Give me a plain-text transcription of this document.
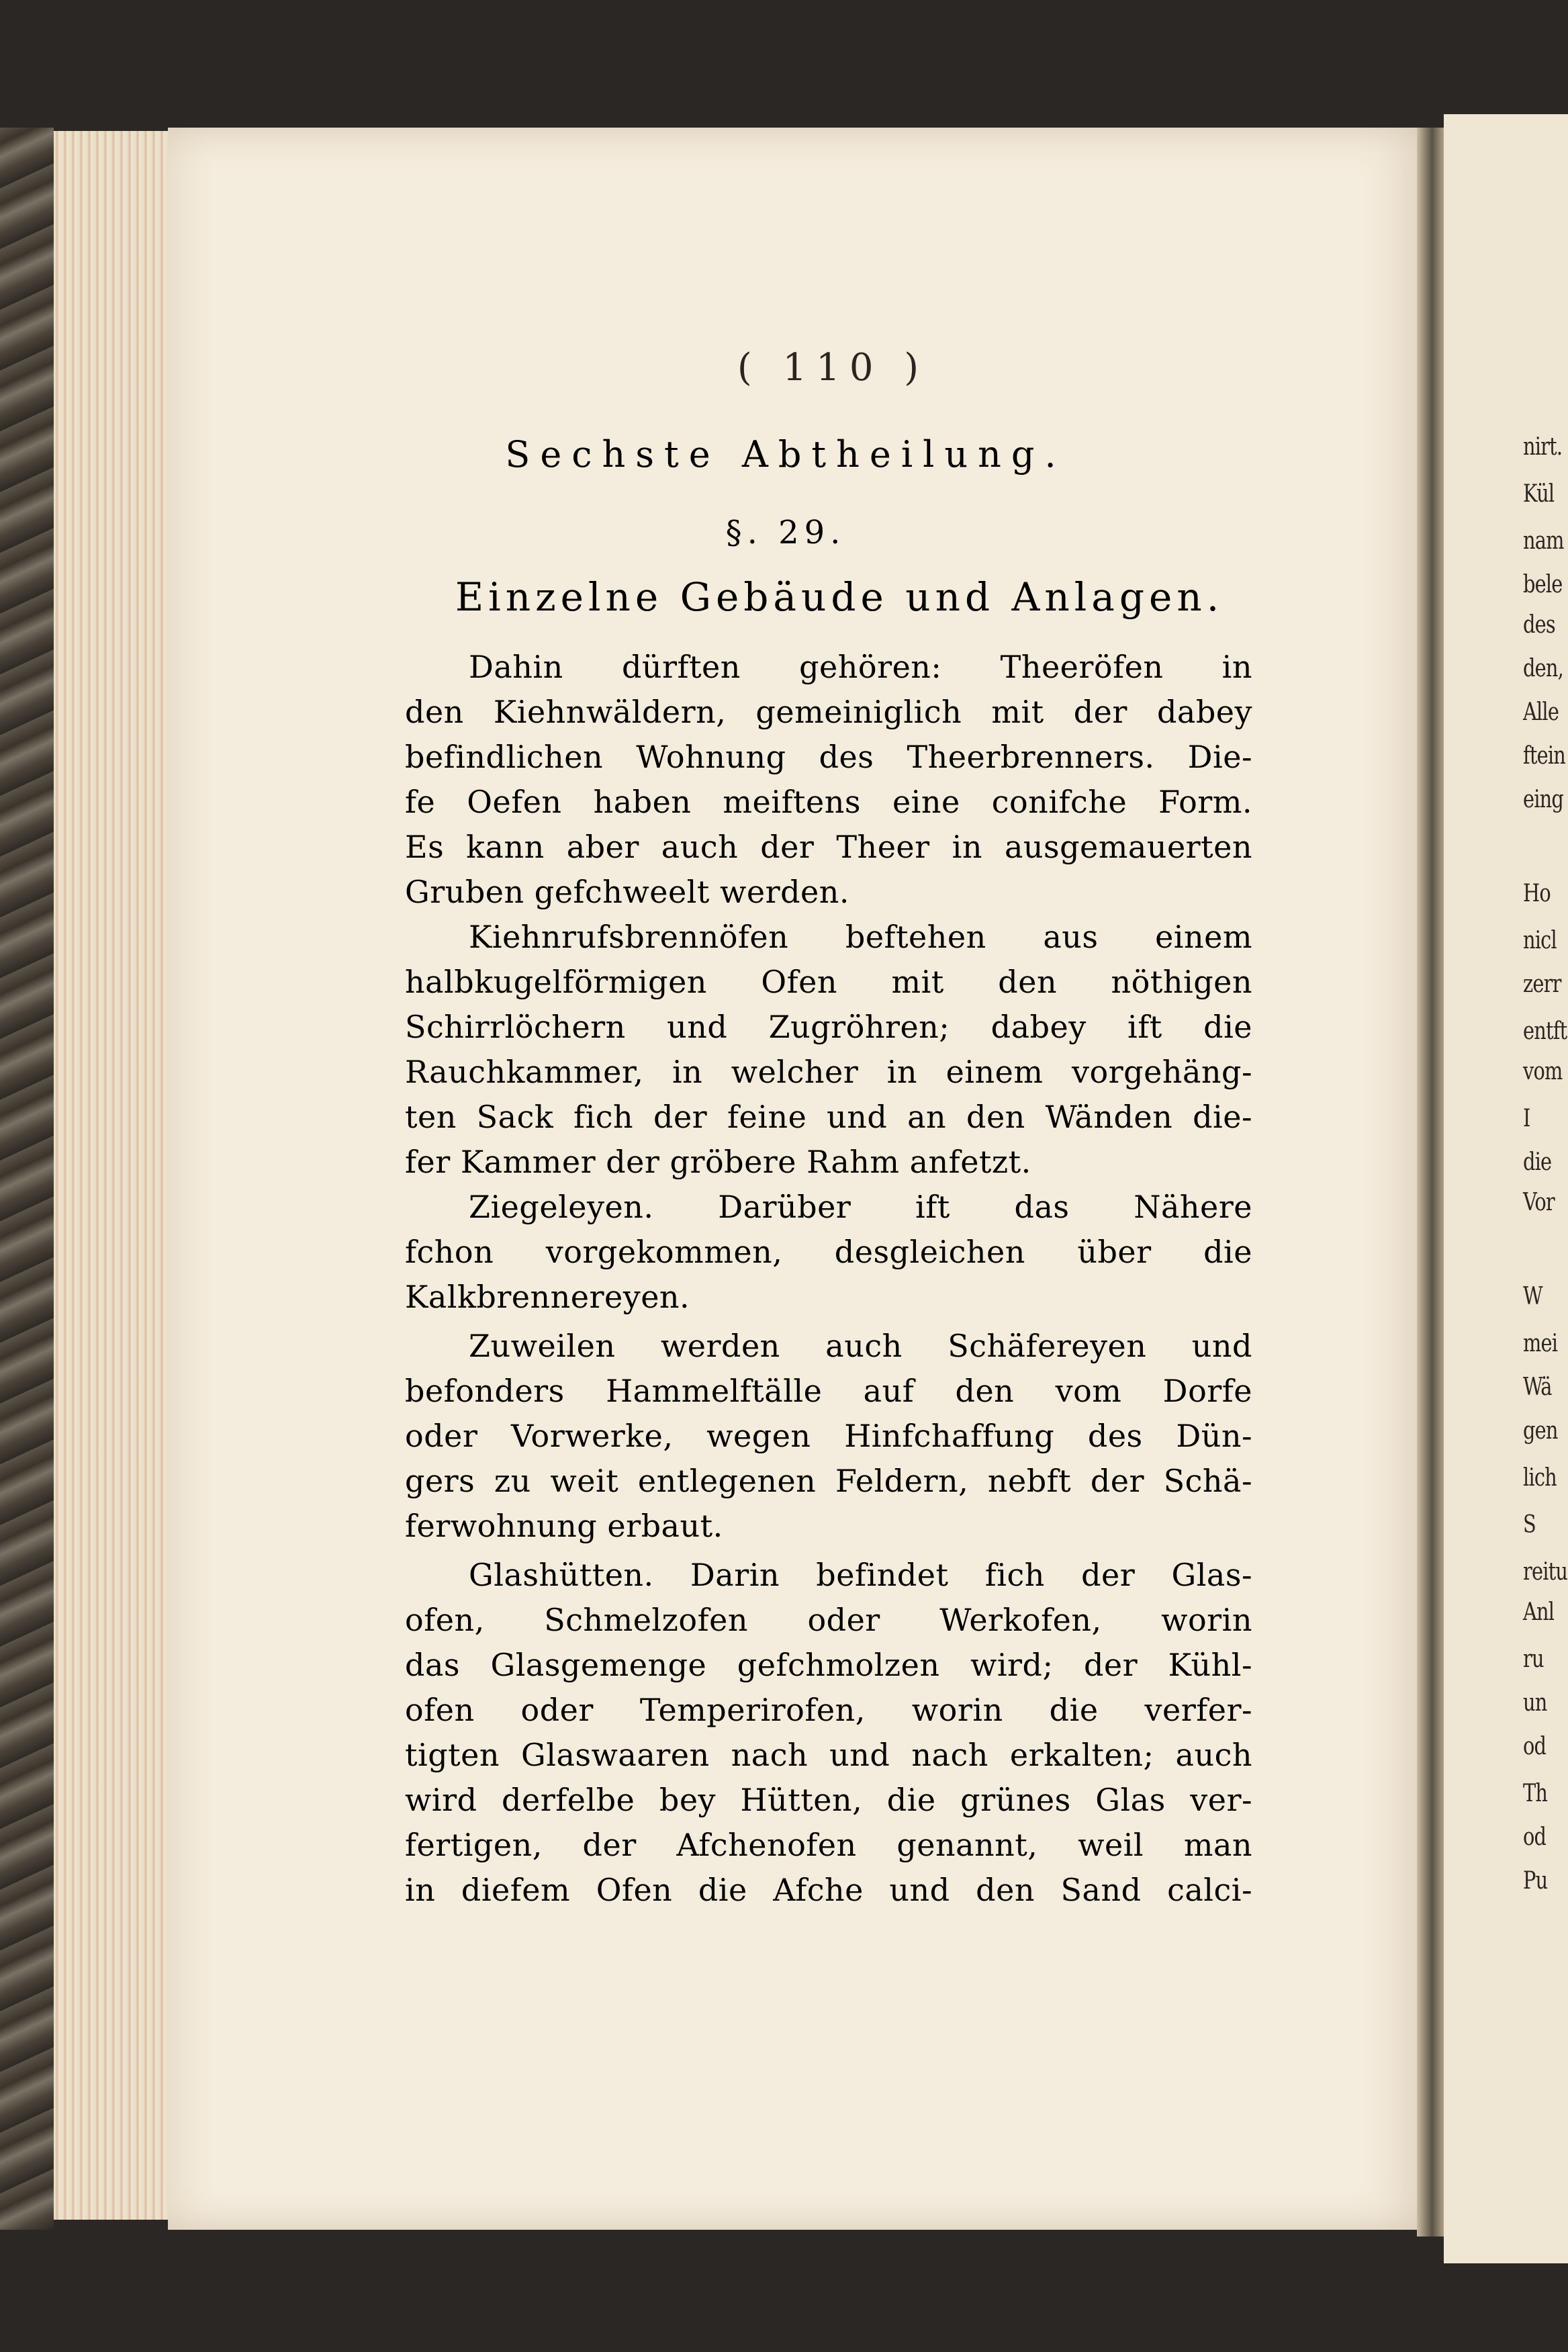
nirt.
Kül
nam
bele
des
den,
Alle
ftein
eing
Ho
nicl
zerr
entft
vom
I
die
Vor
W
mei
Wä
gen
lich
S
reitu
Anl
ru
un
od
Th
od
Pu
( 110 )
Sechste Abtheilung.
§. 29.
Einzelne Gebäude und Anlagen.
Dahin dürften gehören: Theeröfen in
den Kiehnwäldern, gemeiniglich mit der dabey
befindlichen Wohnung des Theerbrenners. Die-
fe Oefen haben meiftens eine conifche Form.
Es kann aber auch der Theer in ausgemauerten
Gruben gefchweelt werden.
Kiehnrufsbrennöfen beftehen aus einem
halbkugelförmigen Ofen mit den nöthigen
Schirrlöchern und Zugröhren; dabey ift die
Rauchkammer, in welcher in einem vorgehäng-
ten Sack fich der feine und an den Wänden die-
fer Kammer der gröbere Rahm anfetzt.
Ziegeleyen. Darüber ift das Nähere
fchon vorgekommen, desgleichen über die
Kalkbrennereyen.
Zuweilen werden auch Schäfereyen und
befonders Hammelftälle auf den vom Dorfe
oder Vorwerke, wegen Hinfchaffung des Dün-
gers zu weit entlegenen Feldern, nebft der Schä-
ferwohnung erbaut.
Glashütten. Darin befindet fich der Glas-
ofen, Schmelzofen oder Werkofen, worin
das Glasgemenge gefchmolzen wird; der Kühl-
ofen oder Temperirofen, worin die verfer-
tigten Glaswaaren nach und nach erkalten; auch
wird derfelbe bey Hütten, die grünes Glas ver-
fertigen, der Afchenofen genannt, weil man
in diefem Ofen die Afche und den Sand calci-
